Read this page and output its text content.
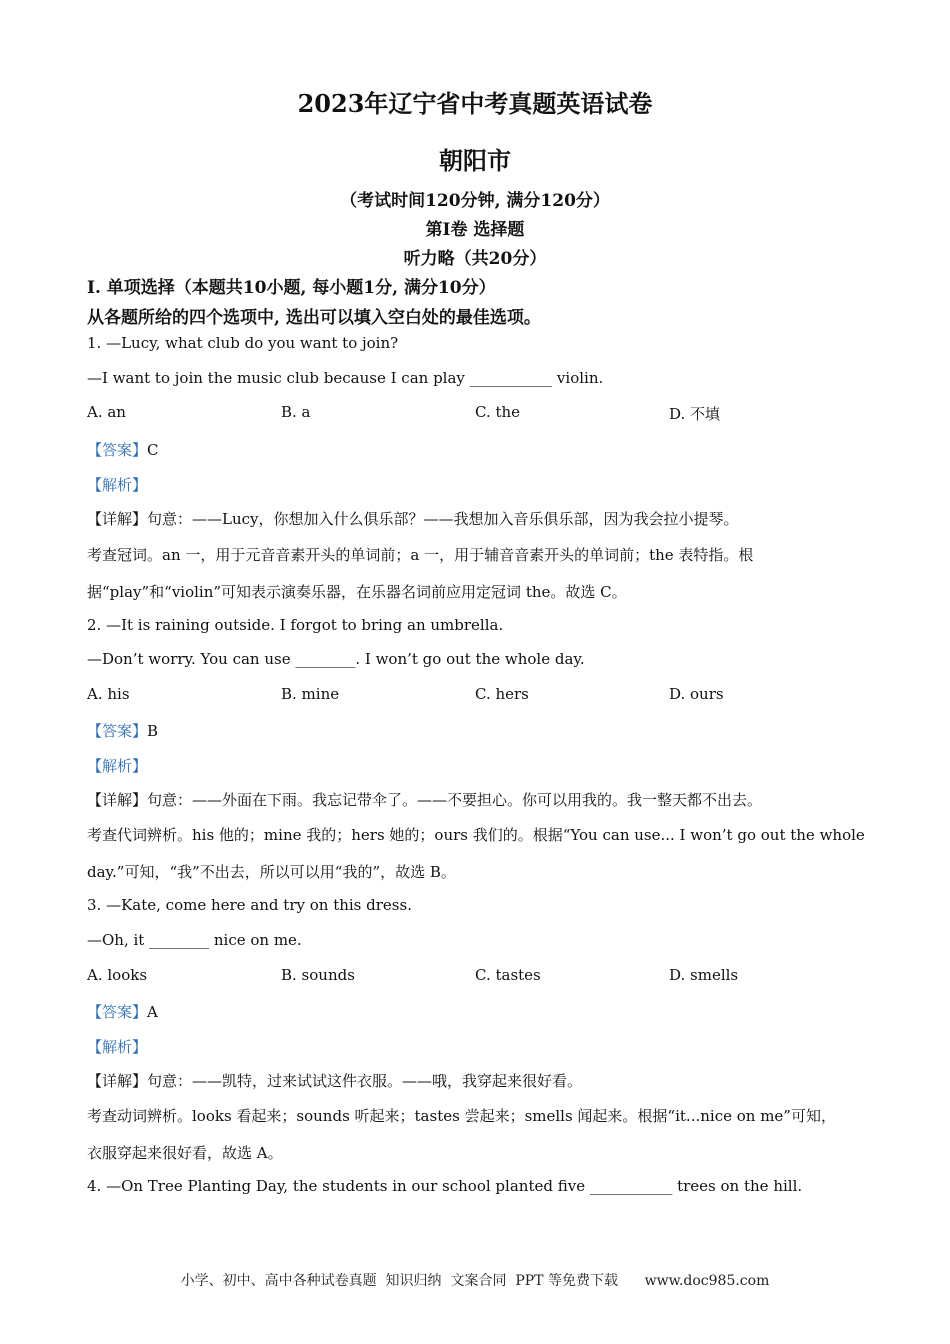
2023年辽宁省中考真题英语试卷
朝阳市
（考试时间120分钟, 满分120分）
第Ⅰ卷 选择题
听力略（共20分）
I. 单项选择（本题共10小题, 每小题1分, 满分10分）
从各题所给的四个选项中, 选出可以填入空白处的最佳选项。
1. —Lucy, what club do you want to join?
—I want to join the music club because I can play ___________ violin.
A. an	B. a	C. the	D. 不填
【答案】C
【解析】
【详解】句意：——Lucy，你想加入什么俱乐部？——我想加入音乐俱乐部，因为我会拉小提琴。
考查冠词。an 一，用于元音音素开头的单词前；a 一，用于辅音音素开头的单词前；the 表特指。根
据“play”和“violin”可知表示演奏乐器，在乐器名词前应用定冠词 the。故选 C。
2. —It is raining outside. I forgot to bring an umbrella.
—Don’t worry. You can use ________. I won’t go out the whole day.
A. his	B. mine	C. hers	D. ours
【答案】B
【解析】
【详解】句意：——外面在下雨。我忘记带伞了。——不要担心。你可以用我的。我一整天都不出去。
考查代词辨析。his 他的；mine 我的；hers 她的；ours 我们的。根据“You can use... I won’t go out the whole
day.”可知，“我”不出去，所以可以用“我的”，故选 B。
3. —Kate, come here and try on this dress.
—Oh, it ________ nice on me.
A. looks	B. sounds	C. tastes	D. smells
【答案】A
【解析】
【详解】句意：——凯特，过来试试这件衣服。——哦，我穿起来很好看。
考查动词辨析。looks 看起来；sounds 听起来；tastes 尝起来；smells 闻起来。根据“it...nice on me”可知，
衣服穿起来很好看，故选 A。
4. —On Tree Planting Day, the students in our school planted five ___________ trees on the hill.
小学、初中、高中各种试卷真题  知识归纳  文案合同  PPT 等免费下载      www.doc985.com
